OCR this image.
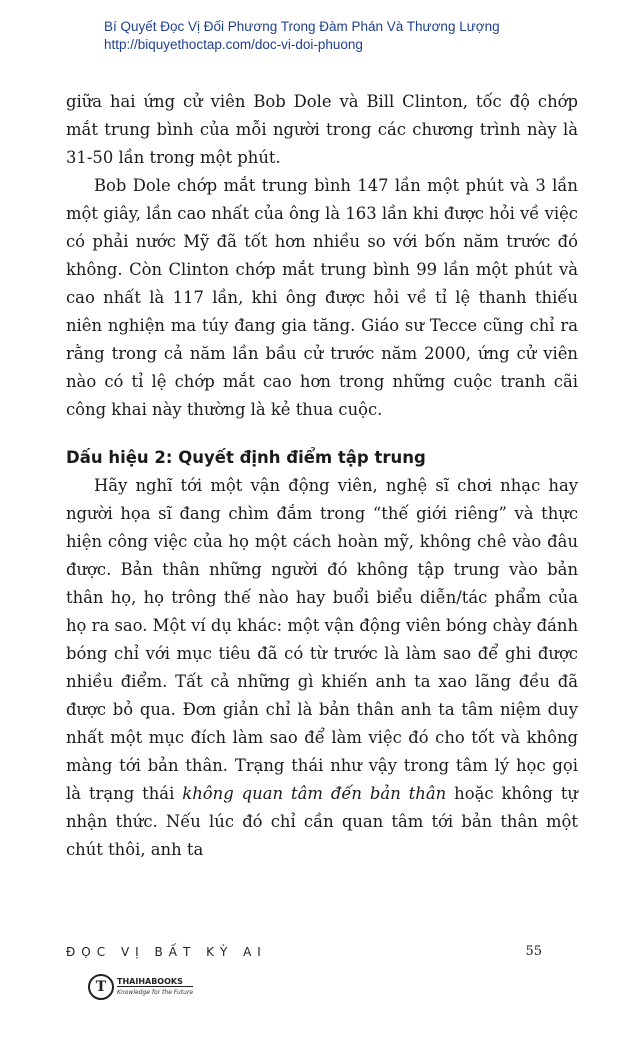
Bí Quyết Đọc Vị Đối Phương Trong Đàm Phán Và Thương Lượng
http://biquyethoctap.com/doc-vi-doi-phuong

giữa hai ứng cử viên Bob Dole và Bill Clinton, tốc độ chớp mắt trung bình của mỗi người trong các chương trình này là 31-50 lần trong một phút.

Bob Dole chớp mắt trung bình 147 lần một phút và 3 lần một giây, lần cao nhất của ông là 163 lần khi được hỏi về việc có phải nước Mỹ đã tốt hơn nhiều so với bốn năm trước đó không. Còn Clinton chớp mắt trung bình 99 lần một phút và cao nhất là 117 lần, khi ông được hỏi về tỉ lệ thanh thiếu niên nghiện ma túy đang gia tăng. Giáo sư Tecce cũng chỉ ra rằng trong cả năm lần bầu cử trước năm 2000, ứng cử viên nào có tỉ lệ chớp mắt cao hơn trong những cuộc tranh cãi công khai này thường là kẻ thua cuộc.

Dấu hiệu 2: Quyết định điểm tập trung

Hãy nghĩ tới một vận động viên, nghệ sĩ chơi nhạc hay người họa sĩ đang chìm đắm trong “thế giới riêng” và thực hiện công việc của họ một cách hoàn mỹ, không chê vào đâu được. Bản thân những người đó không tập trung vào bản thân họ, họ trông thế nào hay buổi biểu diễn/tác phẩm của họ ra sao. Một ví dụ khác: một vận động viên bóng chày đánh bóng chỉ với mục tiêu đã có từ trước là làm sao để ghi được nhiều điểm. Tất cả những gì khiến anh ta xao lãng đều đã được bỏ qua. Đơn giản chỉ là bản thân anh ta tâm niệm duy nhất một mục đích làm sao để làm việc đó cho tốt và không màng tới bản thân. Trạng thái như vậy trong tâm lý học gọi là trạng thái không quan tâm đến bản thân hoặc không tự nhận thức. Nếu lúc đó chỉ cần quan tâm tới bản thân một chút thôi, anh ta

ĐỌC VỊ BẤT KỲ AI	55
T	THAIHABOOKS
Knowledge for the Future
